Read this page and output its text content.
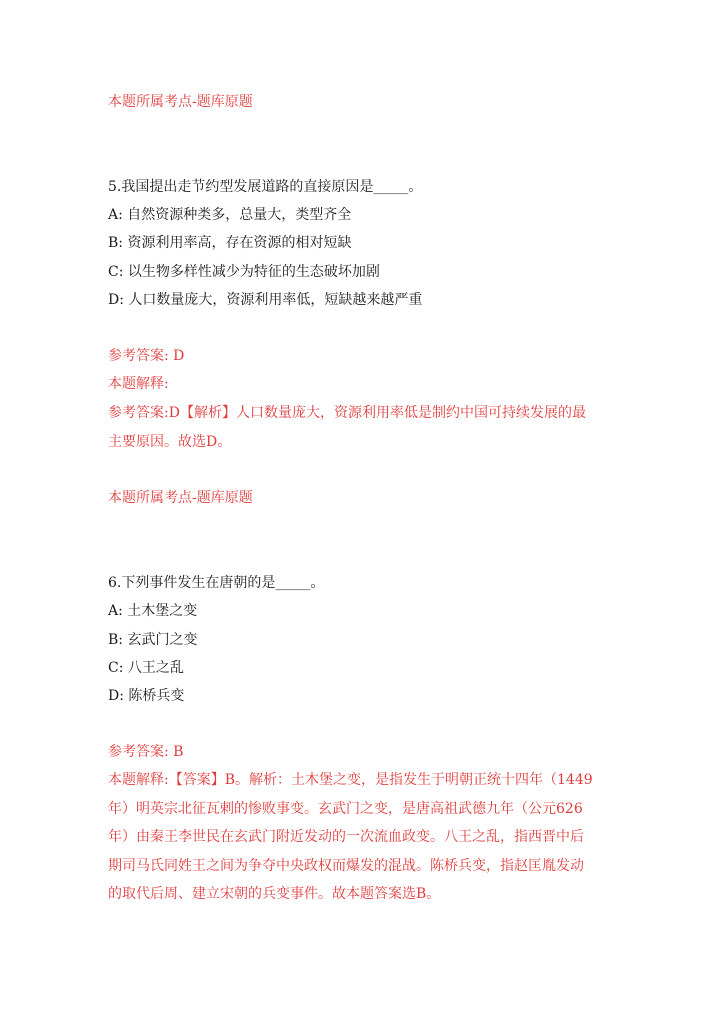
本题所属考点-题库原题
5.我国提出走节约型发展道路的直接原因是_____。
A: 自然资源种类多，总量大，类型齐全
B: 资源利用率高，存在资源的相对短缺
C: 以生物多样性减少为特征的生态破坏加剧
D: 人口数量庞大，资源利用率低，短缺越来越严重
参考答案: D
本题解释:
参考答案:D【解析】人口数量庞大，资源利用率低是制约中国可持续发展的最
主要原因。故选D。
本题所属考点-题库原题
6.下列事件发生在唐朝的是_____。
A: 土木堡之变
B: 玄武门之变
C: 八王之乱
D: 陈桥兵变
参考答案: B
本题解释:【答案】B。解析：土木堡之变，是指发生于明朝正统十四年（1449
年）明英宗北征瓦剌的惨败事变。玄武门之变，是唐高祖武德九年（公元626
年）由秦王李世民在玄武门附近发动的一次流血政变。八王之乱，指西晋中后
期司马氏同姓王之间为争夺中央政权而爆发的混战。陈桥兵变，指赵匡胤发动
的取代后周、建立宋朝的兵变事件。故本题答案选B。
